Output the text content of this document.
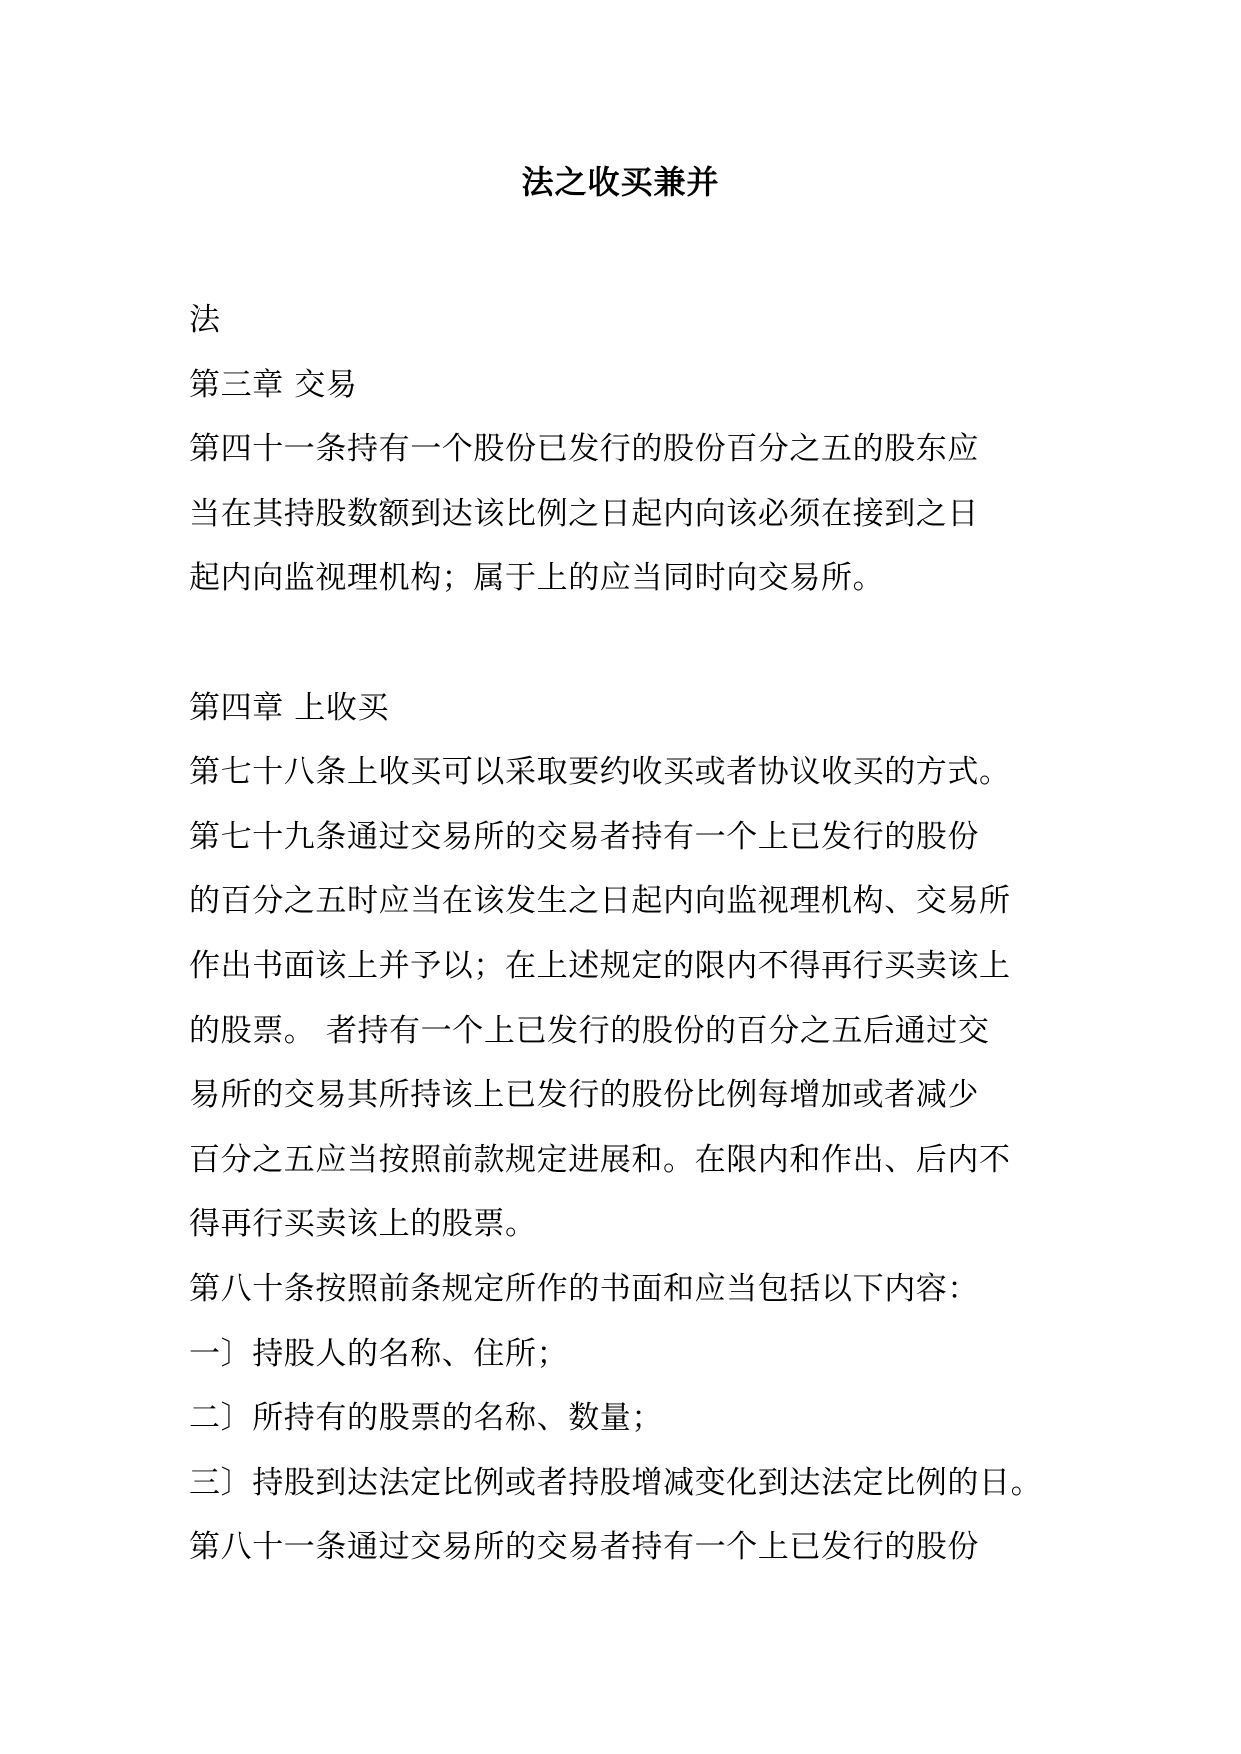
法之收买兼并
法
第三章 交易
第四十一条持有一个股份已发行的股份百分之五的股东应
当在其持股数额到达该比例之日起内向该必须在接到之日
起内向监视理机构；属于上的应当同时向交易所。
第四章 上收买
第七十八条上收买可以采取要约收买或者协议收买的方式。
第七十九条通过交易所的交易者持有一个上已发行的股份
的百分之五时应当在该发生之日起内向监视理机构、交易所
作出书面该上并予以；在上述规定的限内不得再行买卖该上
的股票。 者持有一个上已发行的股份的百分之五后通过交
易所的交易其所持该上已发行的股份比例每增加或者减少
百分之五应当按照前款规定进展和。在限内和作出、后内不
得再行买卖该上的股票。
第八十条按照前条规定所作的书面和应当包括以下内容：
一〕持股人的名称、住所；
二〕所持有的股票的名称、数量；
三〕持股到达法定比例或者持股增减变化到达法定比例的日。
第八十一条通过交易所的交易者持有一个上已发行的股份
